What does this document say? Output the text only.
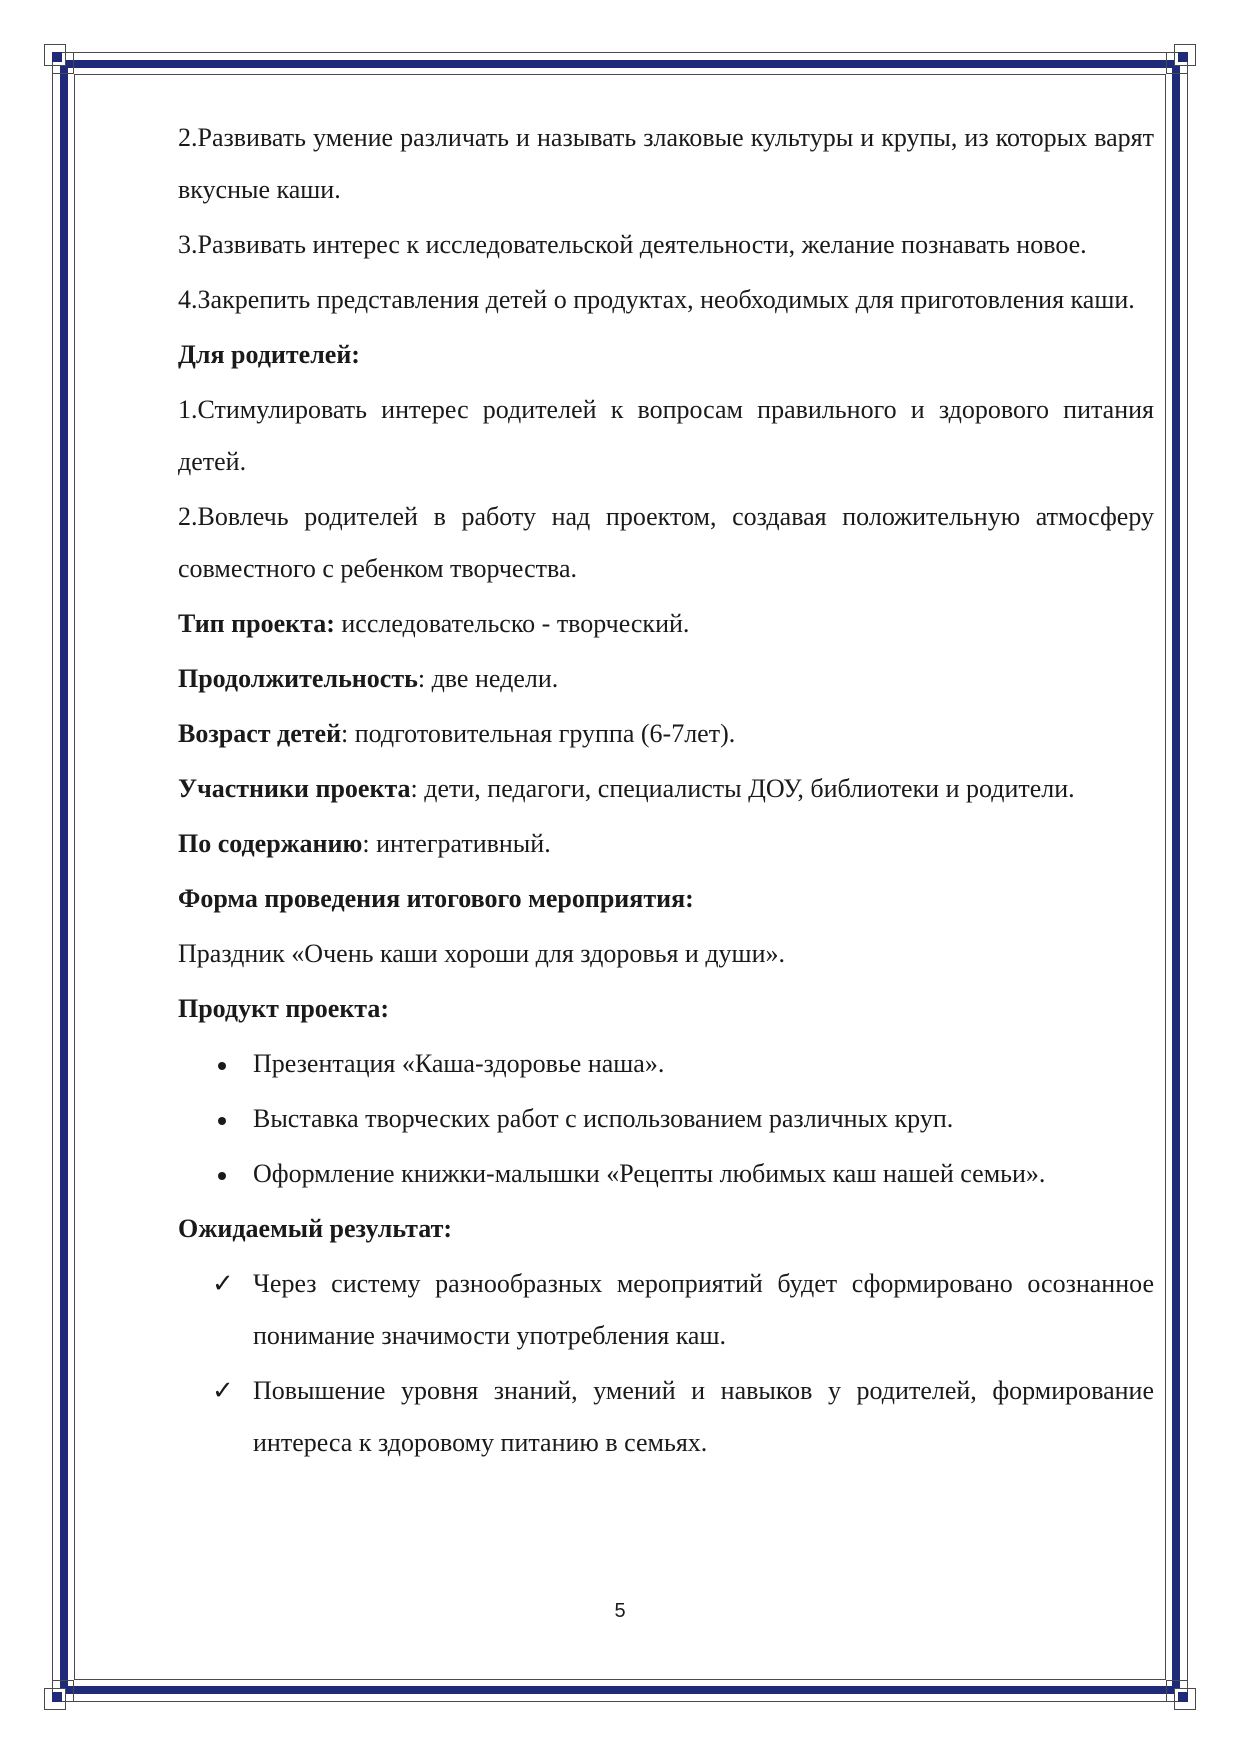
2.Развивать умение различать и называть злаковые культуры и крупы, из которых варят вкусные каши.

3.Развивать интерес к исследовательской деятельности, желание познавать новое.

4.Закрепить представления детей о продуктах, необходимых для приготовления каши.

Для родителей:

1.Стимулировать интерес родителей к вопросам правильного и здорового питания детей.

2.Вовлечь родителей в работу над проектом, создавая положительную атмосферу совместного с ребенком творчества.

Тип проекта: исследовательско - творческий.

Продолжительность: две недели.

Возраст детей: подготовительная группа (6-7лет).

Участники проекта: дети, педагоги, специалисты ДОУ, библиотеки и родители.

По содержанию: интегративный.

Форма проведения итогового мероприятия:

Праздник «Очень каши хороши для здоровья и души».

Продукт проекта:

Презентация «Каша-здоровье наша».
Выставка творческих работ с использованием различных круп.
Оформление книжки-малышки «Рецепты любимых каш нашей семьи».

Ожидаемый результат:

✓ Через систему разнообразных мероприятий будет сформировано осознанное понимание значимости употребления каш.
✓ Повышение уровня знаний, умений и навыков у родителей, формирование интереса к здоровому питанию в семьях.
5
